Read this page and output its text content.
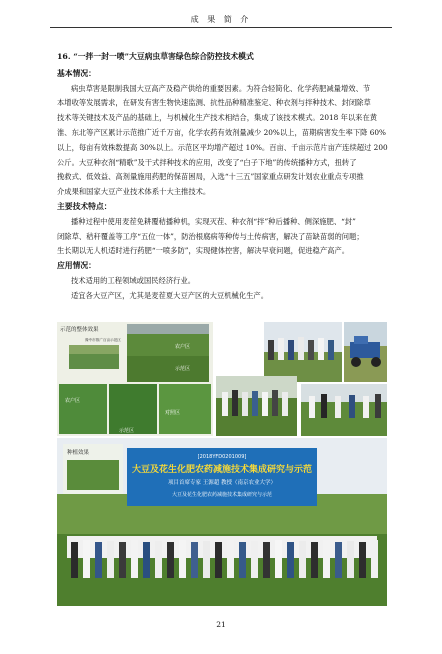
成 果 简 介
16. “一拌一封一喷”大豆病虫草害绿色综合防控技术模式
基本情况：
病虫草害是限制我国大豆高产及稳产供给的重要因素。为符合轻简化、化学药肥减量增效、节
本增收等发展需求，在研发有害生物快速监测、抗性品种精准鉴定、种衣剂与拌种技术、封闭除草
技术等关键技术及产品的基础上，与机械化生产技术相结合，集成了该技术模式。2018 年以来在黄
淮、东北等产区累计示范推广近千万亩，化学农药有效剂量减少 20%以上，苗期病害发生率下降 60%
以上，每亩有效株数提高 30%以上。示范区平均增产超过 10%。百亩、千亩示范片亩产连续超过 200
公斤。大豆种衣剂“精歌”及干式拌种技术的应用，改变了“白子下地”的传统播种方式，扭转了
挽救式、低效益、高剂量施用药肥的保苗困局，入选“十三五”国家重点研发计划农业重点专项推
介成果和国家大豆产业技术体系十大主推技术。
主要技术特点：
播种过程中使用麦茬免耕覆秸播种机，实现灭茬、种衣剂“拌”种后播种、侧深施肥、“封”
闭除草、秸秆覆盖等工序“五位一体”，防治根腐病等种传与土传病害，解决了苗缺苗弱的问题；
生长期以无人机适时进行药肥“一喷多防”，实现健体控害，解决早衰问题，促进稳产高产。
应用情况：
技术适用的工程领域或国民经济行业。
适宜各大豆产区，尤其是麦茬夏大豆产区的大豆机械化生产。
示范的整体效果
豫中市推广百亩示范区
农户区
示范区
农户区
对照区
示范区
[2018YFD0201009]
大豆及花生化肥农药减施技术集成研究与示范
项目首席专家 王源超 教授（南京农业大学）
大豆及花生化肥农药减施技术集成研究与示范
种植效果
21
